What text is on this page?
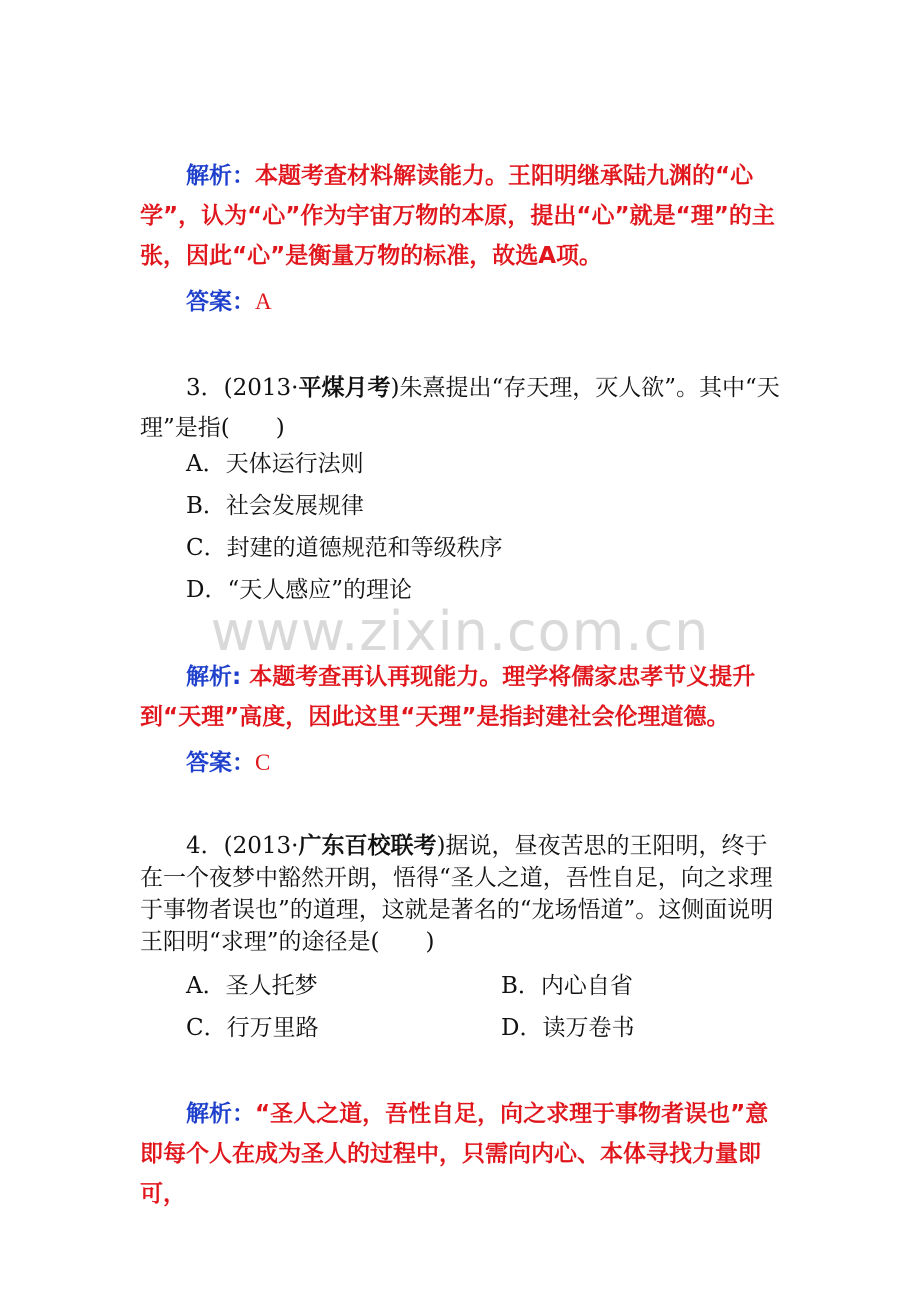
解析：本题考查材料解读能力。王阳明继承陆九渊的“心学”，认为“心”作为宇宙万物的本原，提出“心”就是“理”的主张，因此“心”是衡量万物的标准，故选A项。
答案：A
3．(2013·平煤月考)朱熹提出“存天理，灭人欲”。其中“天理”是指(　　)
A．天体运行法则
B．社会发展规律
C．封建的道德规范和等级秩序
D．“天人感应”的理论
www.zixin.com.cn
解析: 本题考查再认再现能力。理学将儒家忠孝节义提升到“天理”高度，因此这里“天理”是指封建社会伦理道德。
答案：C
4．(2013·广东百校联考)据说，昼夜苦思的王阳明，终于在一个夜梦中豁然开朗，悟得“圣人之道，吾性自足，向之求理于事物者误也”的道理，这就是著名的“龙场悟道”。这侧面说明王阳明“求理”的途径是(　　)
A．圣人托梦	B．内心自省
C．行万里路	D．读万卷书
解析：“圣人之道，吾性自足，向之求理于事物者误也”意即每个人在成为圣人的过程中，只需向内心、本体寻找力量即可，
